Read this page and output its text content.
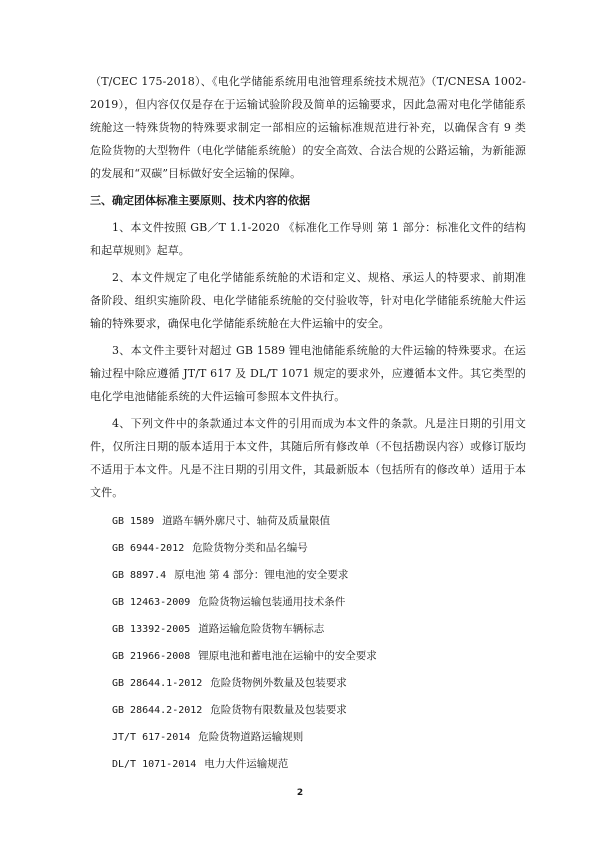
（T/CEC 175-2018）、《电化学储能系统用电池管理系统技术规范》（T/CNESA 1002-2019），但内容仅仅是存在于运输试验阶段及简单的运输要求，因此急需对电化学储能系统舱这一特殊货物的特殊要求制定一部相应的运输标准规范进行补充，以确保含有 9 类危险货物的大型物件（电化学储能系统舱）的安全高效、合法合规的公路运输，为新能源的发展和“双碳”目标做好安全运输的保障。

三、确定团体标准主要原则、技术内容的依据

1、本文件按照 GB／T 1.1-2020 《标准化工作导则 第 1 部分：标准化文件的结构和起草规则》起草。

2、本文件规定了电化学储能系统舱的术语和定义、规格、承运人的特要求、前期准备阶段、组织实施阶段、电化学储能系统舱的交付验收等，针对电化学储能系统舱大件运输的特殊要求，确保电化学储能系统舱在大件运输中的安全。

3、本文件主要针对超过 GB 1589 锂电池储能系统舱的大件运输的特殊要求。在运输过程中除应遵循 JT/T 617 及 DL/T 1071 规定的要求外，应遵循本文件。其它类型的电化学电池储能系统的大件运输可参照本文件执行。

4、下列文件中的条款通过本文件的引用而成为本文件的条款。凡是注日期的引用文件，仅所注日期的版本适用于本文件，其随后所有修改单（不包括勘误内容）或修订版均不适用于本文件。凡是不注日期的引用文件，其最新版本（包括所有的修改单）适用于本文件。

GB 1589 道路车辆外廓尺寸、轴荷及质量限值
GB 6944-2012 危险货物分类和品名编号
GB 8897.4 原电池 第 4 部分：锂电池的安全要求
GB 12463-2009 危险货物运输包装通用技术条件
GB 13392-2005 道路运输危险货物车辆标志
GB 21966-2008 锂原电池和蓄电池在运输中的安全要求
GB 28644.1-2012 危险货物例外数量及包装要求
GB 28644.2-2012 危险货物有限数量及包装要求
JT/T 617-2014 危险货物道路运输规则
DL/T 1071-2014 电力大件运输规范
2
